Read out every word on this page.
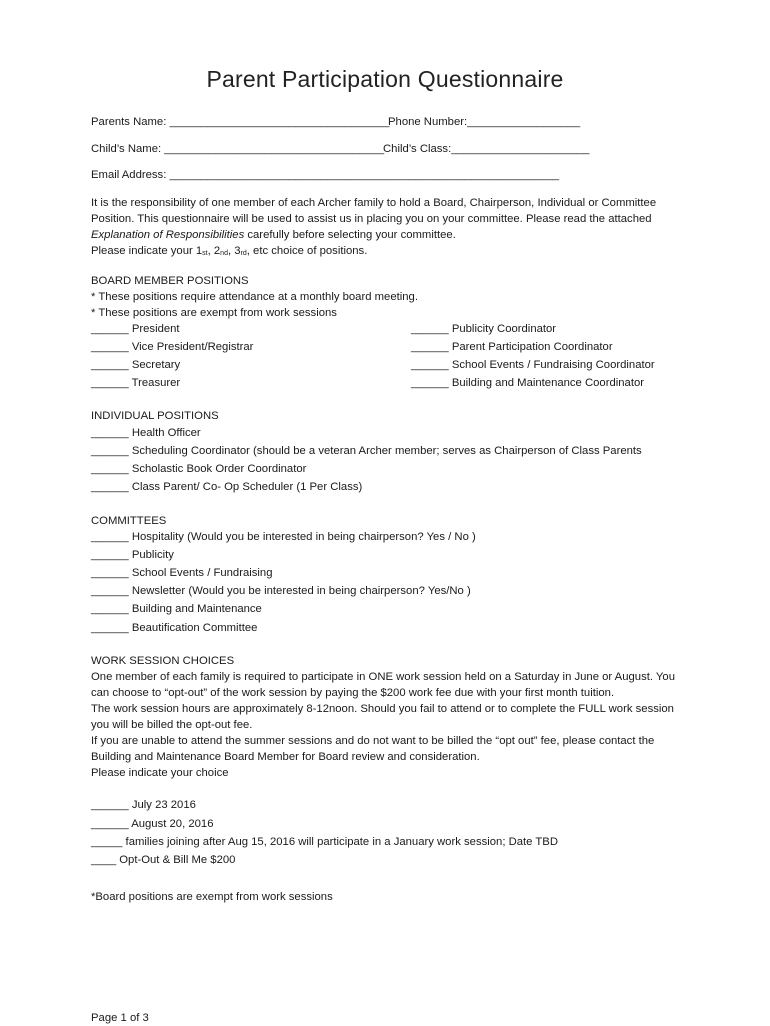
Parent Participation Questionnaire
Parents Name: ___________________________________
Phone Number:__________________
Child’s Name: ___________________________________
Child’s Class:______________________
Email Address: ______________________________________________________________
It is the responsibility of one member of each Archer family to hold a Board, Chairperson, Individual or Committee
Position. This questionnaire will be used to assist us in placing you on your committee. Please read the attached
Explanation of Responsibilities carefully before selecting your committee.
Please indicate your $1_{st}$, $2_{nd}$, $3_{rd}$, etc choice of positions.
BOARD MEMBER POSITIONS
* These positions require attendance at a monthly board meeting.
* These positions are exempt from work sessions
______ President
______ Vice President/Registrar
______ Secretary
______ Treasurer
______ Publicity Coordinator
______ Parent Participation Coordinator
______ School Events / Fundraising Coordinator
______ Building and Maintenance Coordinator
INDIVIDUAL POSITIONS
______ Health Officer
______ Scheduling Coordinator (should be a veteran Archer member; serves as Chairperson of Class Parents
______ Scholastic Book Order Coordinator
______ Class Parent/ Co- Op Scheduler (1 Per Class)
COMMITTEES
______ Hospitality (Would you be interested in being chairperson? Yes / No )
______ Publicity
______ School Events / Fundraising
______ Newsletter (Would you be interested in being chairperson? Yes/No )
______ Building and Maintenance
______ Beautification Committee
WORK SESSION CHOICES
One member of each family is required to participate in ONE work session held on a Saturday in June or August. You
can choose to “opt-out” of the work session by paying the $200 work fee due with your first month tuition.
The work session hours are approximately 8-12noon. Should you fail to attend or to complete the FULL work session
you will be billed the opt-out fee.
If you are unable to attend the summer sessions and do not want to be billed the “opt out” fee, please contact the
Building and Maintenance Board Member for Board review and consideration.
Please indicate your choice
______ July 23 2016
______ August 20, 2016
_____ families joining after Aug 15, 2016 will participate in a January work session; Date TBD
____ Opt-Out & Bill Me $200
*Board positions are exempt from work sessions
Page 1 of 3
